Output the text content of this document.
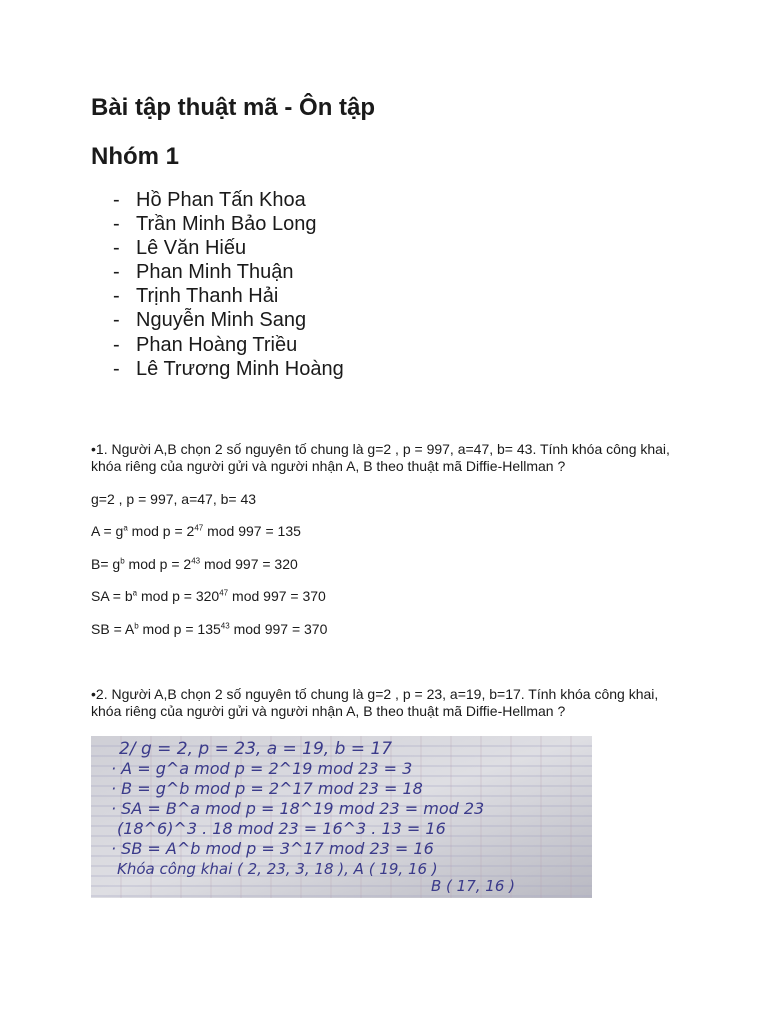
Bài tập thuật mã - Ôn tập
Nhóm 1
- Hồ Phan Tấn Khoa
- Trần Minh Bảo Long
- Lê Văn Hiếu
- Phan Minh Thuận
- Trịnh Thanh Hải
- Nguyễn Minh Sang
- Phan Hoàng Triều
- Lê Trương Minh Hoàng

•1. Người A,B chọn 2 số nguyên tố chung là g=2 , p = 997, a=47, b= 43. Tính khóa công khai, khóa riêng của người gửi và người nhận A, B theo thuật mã Diffie-Hellman ?

g=2 , p = 997, a=47, b= 43

$A = g^a$ mod $p = 2^{47}$ mod 997 = 135

$B= g^b$ mod $p = 2^{43}$ mod 997 = 320

SA = $b^a$ mod $p = 320^{47}$ mod 997 = 370

SB = $A^b$ mod $p = 135^{43}$ mod 997 = 370

•2. Người A,B chọn 2 số nguyên tố chung là g=2 , p = 23, a=19, b=17. Tính khóa công khai, khóa riêng của người gửi và người nhận A, B theo thuật mã Diffie-Hellman ?

2/ g = 2, p = 23, a = 19, b = 17
· A = g^a mod p = 2^19 mod 23 = 3
· B = g^b mod p = 2^17 mod 23 = 18
· SA = B^a mod p = 18^19 mod 23 = mod 23
(18^6)^3 . 18 mod 23 = 16^3 . 13 = 16
· SB = A^b mod p = 3^17 mod 23 = 16
Khóa công khai ( 2, 23, 3, 18 ), A ( 19, 16 )
B ( 17, 16 )
